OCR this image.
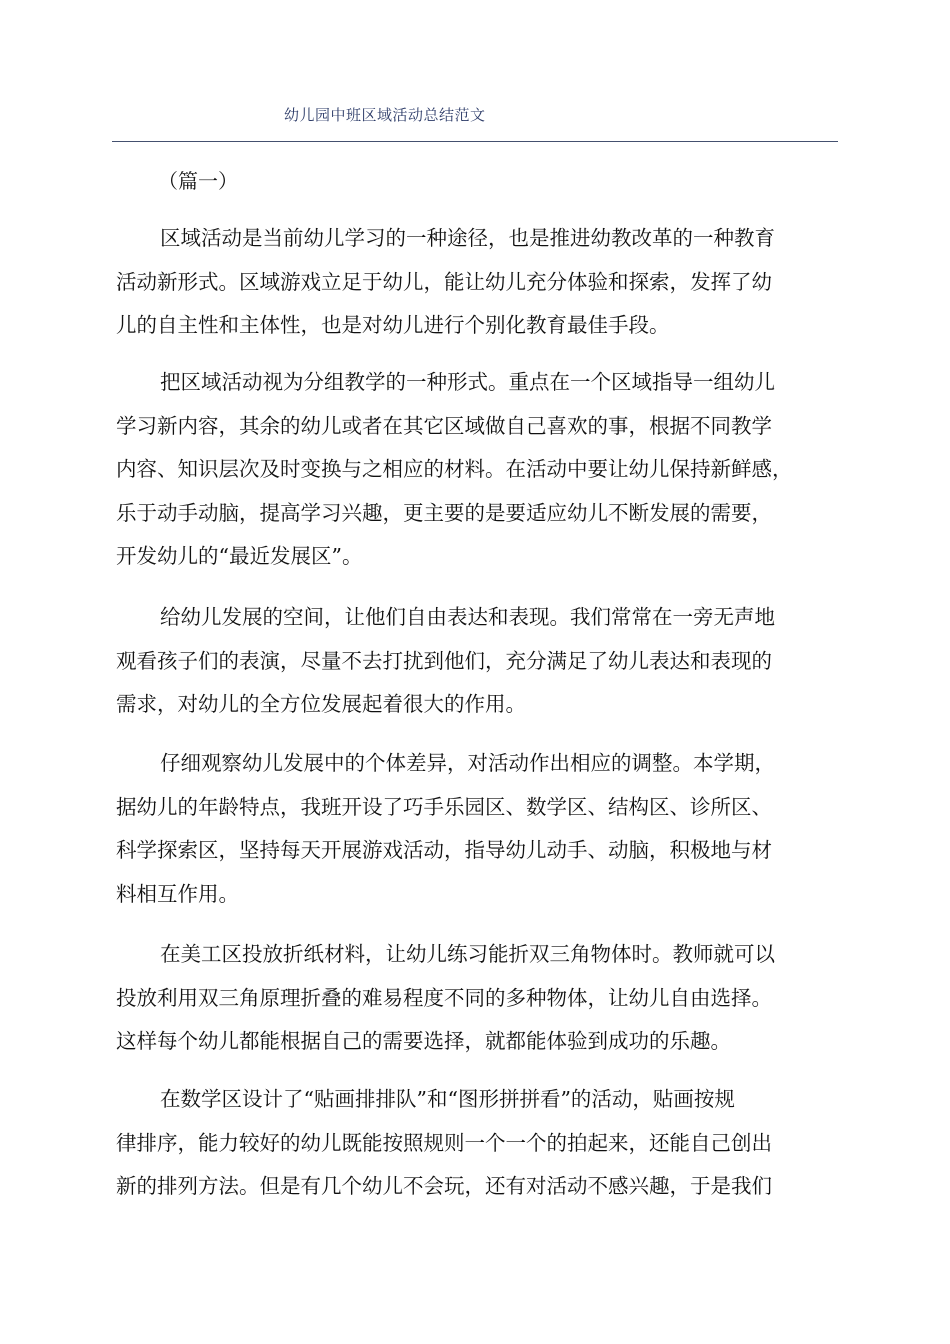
幼儿园中班区域活动总结范文
（篇一）
区域活动是当前幼儿学习的一种途径，也是推进幼教改革的一种教育
活动新形式。区域游戏立足于幼儿，能让幼儿充分体验和探索，发挥了幼
儿的自主性和主体性，也是对幼儿进行个别化教育最佳手段。
把区域活动视为分组教学的一种形式。重点在一个区域指导一组幼儿
学习新内容，其余的幼儿或者在其它区域做自己喜欢的事，根据不同教学
内容、知识层次及时变换与之相应的材料。在活动中要让幼儿保持新鲜感，
乐于动手动脑，提高学习兴趣，更主要的是要适应幼儿不断发展的需要，
开发幼儿的“最近发展区”。
给幼儿发展的空间，让他们自由表达和表现。我们常常在一旁无声地
观看孩子们的表演，尽量不去打扰到他们，充分满足了幼儿表达和表现的
需求，对幼儿的全方位发展起着很大的作用。
仔细观察幼儿发展中的个体差异，对活动作出相应的调整。本学期，
据幼儿的年龄特点，我班开设了巧手乐园区、数学区、结构区、诊所区、
科学探索区，坚持每天开展游戏活动，指导幼儿动手、动脑，积极地与材
料相互作用。
在美工区投放折纸材料，让幼儿练习能折双三角物体时。教师就可以
投放利用双三角原理折叠的难易程度不同的多种物体，让幼儿自由选择。
这样每个幼儿都能根据自己的需要选择，就都能体验到成功的乐趣。
在数学区设计了“贴画排排队”和“图形拼拼看”的活动，贴画按规
律排序，能力较好的幼儿既能按照规则一个一个的拍起来，还能自己创出
新的排列方法。但是有几个幼儿不会玩，还有对活动不感兴趣，于是我们
